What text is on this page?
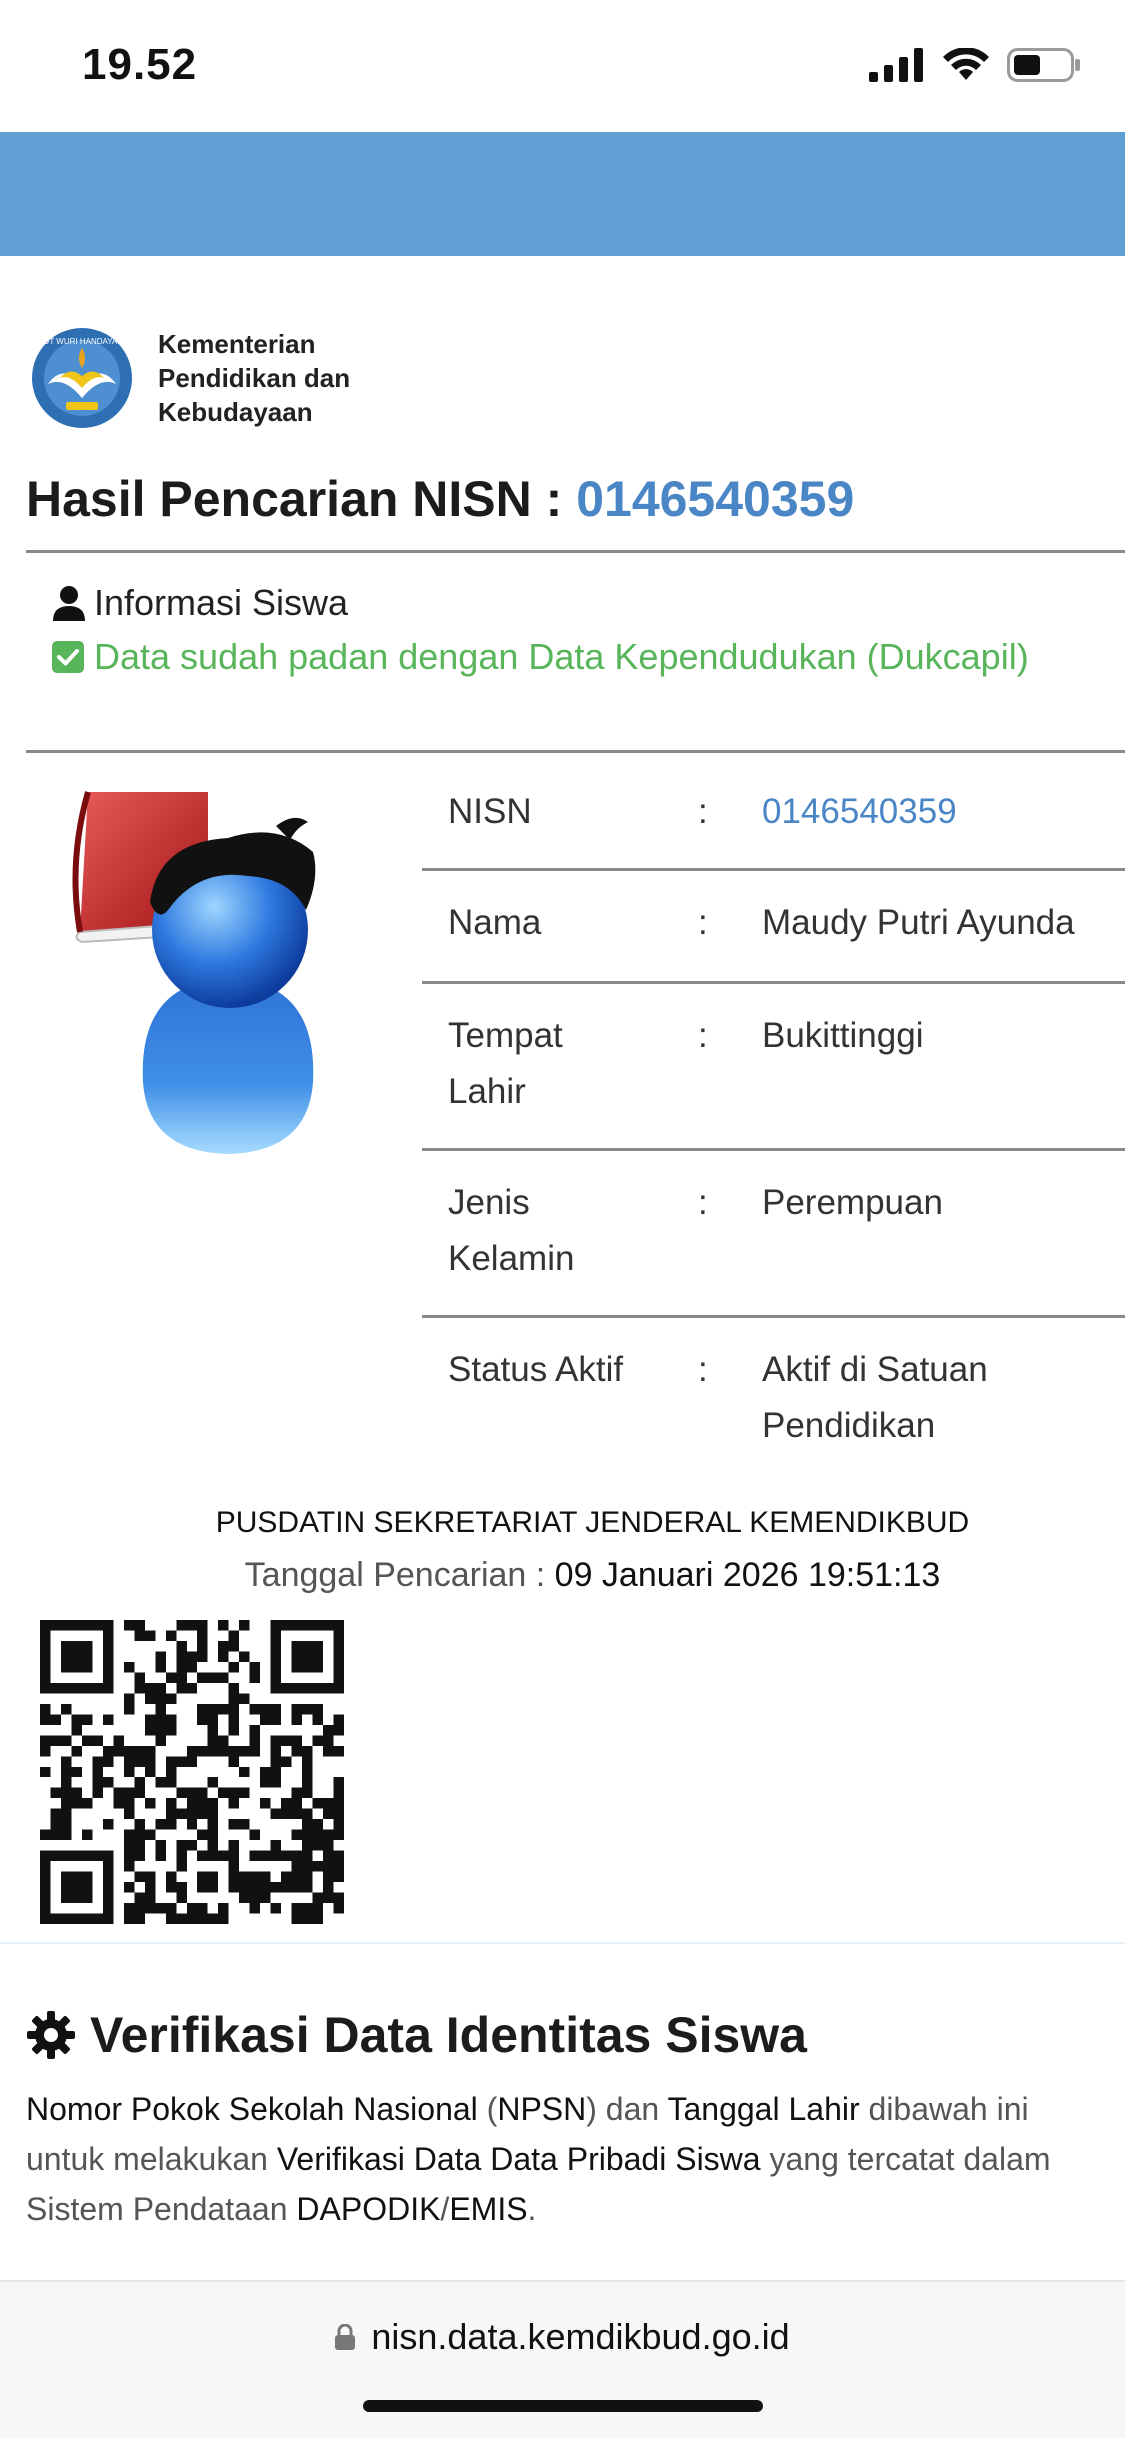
19.52
TUT WURI HANDAYANI Kementerian
Pendidikan dan
Kebudayaan
Hasil Pencarian NISN : 0146540359
Informasi Siswa
Data sudah padan dengan Data Kependudukan (Dukcapil)
NISN	: 0146540359
Nama	: Maudy Putri Ayunda
Tempat Lahir
: Bukittinggi
Jenis Kelamin
: Perempuan
Status Aktif	: Aktif di Satuan Pendidikan
PUSDATIN SEKRETARIAT JENDERAL KEMENDIKBUD
Tanggal Pencarian : 09 Januari 2026 19:51:13
Verifikasi Data Identitas Siswa
Nomor Pokok Sekolah Nasional (NPSN) dan Tanggal Lahir dibawah ini untuk melakukan Verifikasi Data Data Pribadi Siswa yang tercatat dalam Sistem Pendataan DAPODIK/EMIS.
nisn.data.kemdikbud.go.id
